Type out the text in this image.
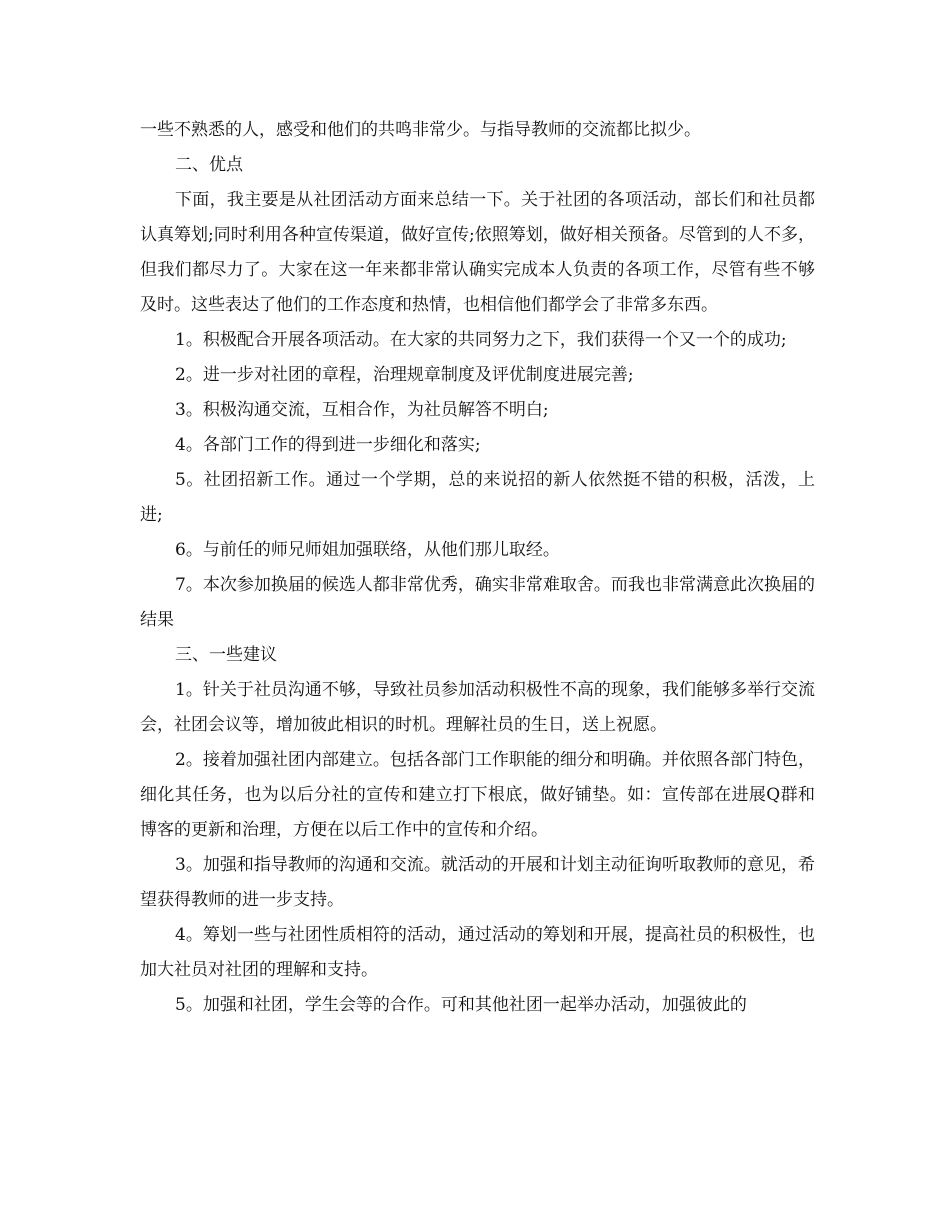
一些不熟悉的人，感受和他们的共鸣非常少。与指导教师的交流都比拟少。

二、优点

下面，我主要是从社团活动方面来总结一下。关于社团的各项活动，部长们和社员都认真筹划;同时利用各种宣传渠道，做好宣传;依照筹划，做好相关预备。尽管到的人不多，但我们都尽力了。大家在这一年来都非常认确实完成本人负责的各项工作，尽管有些不够及时。这些表达了他们的工作态度和热情，也相信他们都学会了非常多东西。

1。积极配合开展各项活动。在大家的共同努力之下，我们获得一个又一个的成功;

2。进一步对社团的章程，治理规章制度及评优制度进展完善;

3。积极沟通交流，互相合作，为社员解答不明白;

4。各部门工作的得到进一步细化和落实;

5。社团招新工作。通过一个学期，总的来说招的新人依然挺不错的积极，活泼，上进;

6。与前任的师兄师姐加强联络，从他们那儿取经。

7。本次参加换届的候选人都非常优秀，确实非常难取舍。而我也非常满意此次换届的结果

三、一些建议

1。针关于社员沟通不够，导致社员参加活动积极性不高的现象，我们能够多举行交流会，社团会议等，增加彼此相识的时机。理解社员的生日，送上祝愿。

2。接着加强社团内部建立。包括各部门工作职能的细分和明确。并依照各部门特色，细化其任务，也为以后分社的宣传和建立打下根底，做好铺垫。如：宣传部在进展Q群和博客的更新和治理，方便在以后工作中的宣传和介绍。

3。加强和指导教师的沟通和交流。就活动的开展和计划主动征询听取教师的意见，希望获得教师的进一步支持。

4。筹划一些与社团性质相符的活动，通过活动的筹划和开展，提高社员的积极性，也加大社员对社团的理解和支持。

5。加强和社团，学生会等的合作。可和其他社团一起举办活动，加强彼此的
